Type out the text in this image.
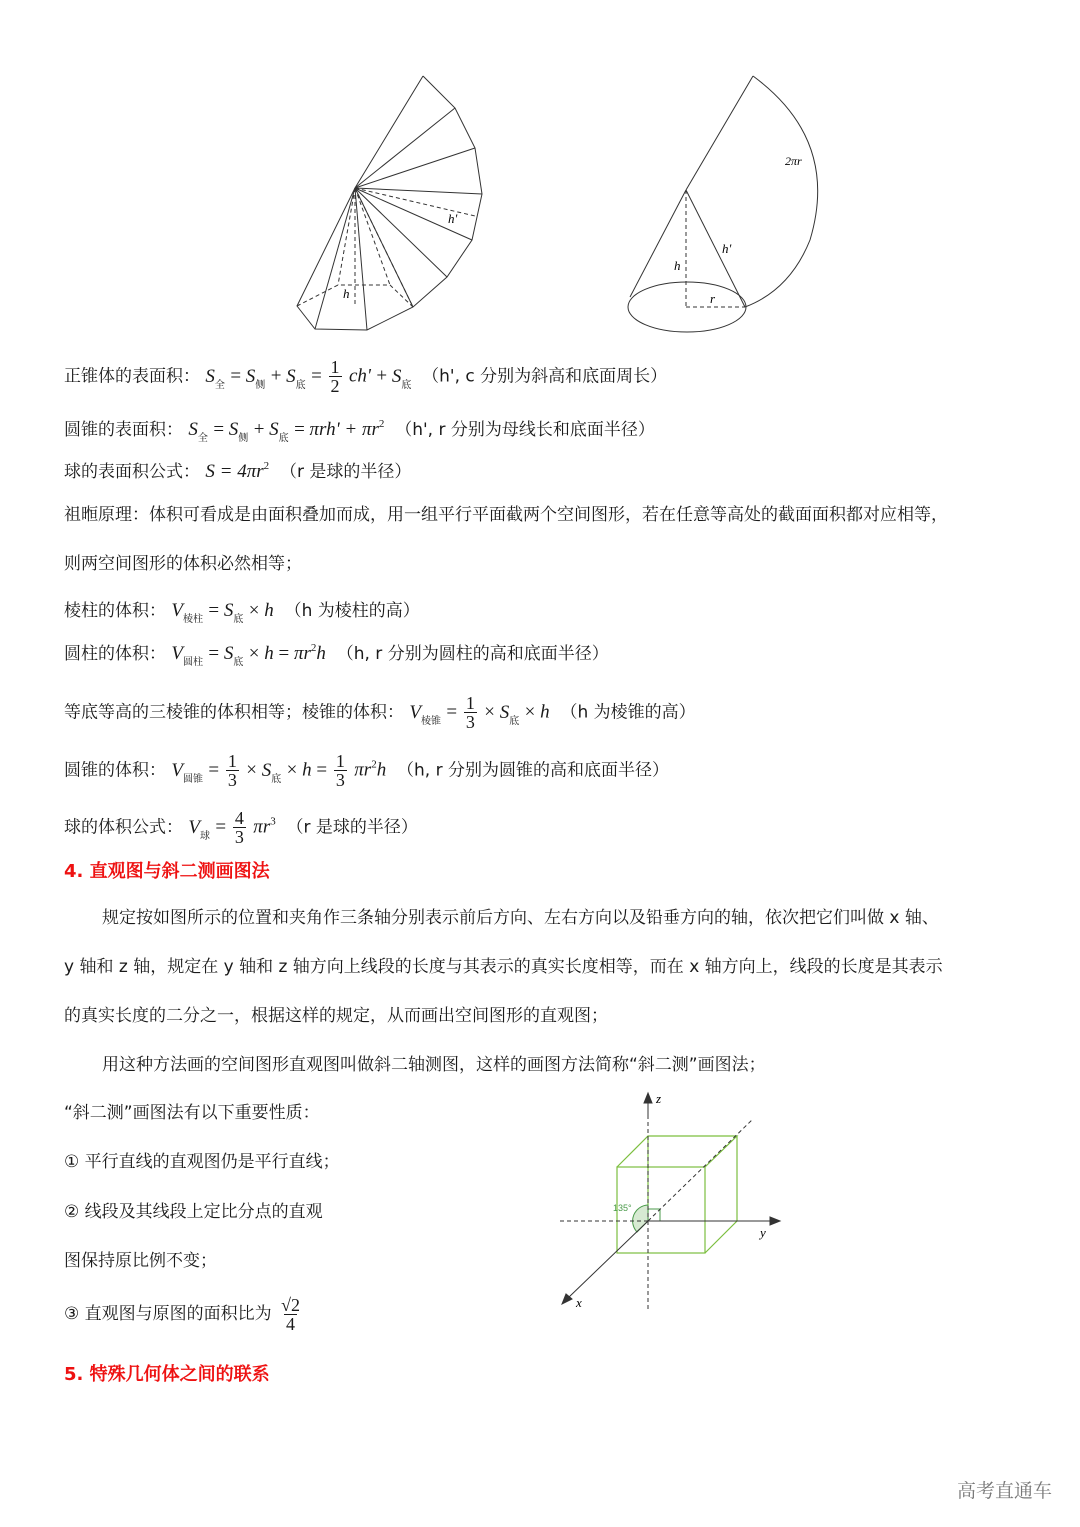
h'
h
2πr
h'
h
r
正锥体的表面积： $S_全 = S_侧 + S_底 = \frac{1}{2} ch' + S_底$ （h', c 分别为斜高和底面周长）
圆锥的表面积： $S_全 = S_侧 + S_底 = \pi rh' + \pi r^2$ （h', r 分别为母线长和底面半径）
球的表面积公式： $S = 4\pi r^2$ （r 是球的半径）
祖暅原理：体积可看成是由面积叠加而成，用一组平行平面截两个空间图形，若在任意等高处的截面面积都对应相等，
则两空间图形的体积必然相等；
棱柱的体积： $V_{棱柱} = S_底 \times h$ （h 为棱柱的高）
圆柱的体积： $V_{圆柱} = S_底 \times h = \pi r^2h$ （h, r 分别为圆柱的高和底面半径）
等底等高的三棱锥的体积相等；棱锥的体积： $V_{棱锥} = \frac{1}{3} \times S_底 \times h$ （h 为棱锥的高）
圆锥的体积： $V_{圆锥} = \frac{1}{3} \times S_底 \times h = \frac{1}{3} \pi r^2h$ （h, r 分别为圆锥的高和底面半径）
球的体积公式： $V_球 = \frac{4}{3} \pi r^3$ （r 是球的半径）
4. 直观图与斜二测画图法
规定按如图所示的位置和夹角作三条轴分别表示前后方向、左右方向以及铅垂方向的轴，依次把它们叫做 x 轴、
y 轴和 z 轴，规定在 y 轴和 z 轴方向上线段的长度与其表示的真实长度相等，而在 x 轴方向上，线段的长度是其表示
的真实长度的二分之一，根据这样的规定，从而画出空间图形的直观图；
用这种方法画的空间图形直观图叫做斜二轴测图，这样的画图方法简称“斜二测”画图法；
“斜二测”画图法有以下重要性质：
① 平行直线的直观图仍是平行直线；
② 线段及其线段上定比分点的直观
图保持原比例不变；
③ 直观图与原图的面积比为 $\frac{√2}{4}$
z
y
x
135°
5. 特殊几何体之间的联系
高考直通车
